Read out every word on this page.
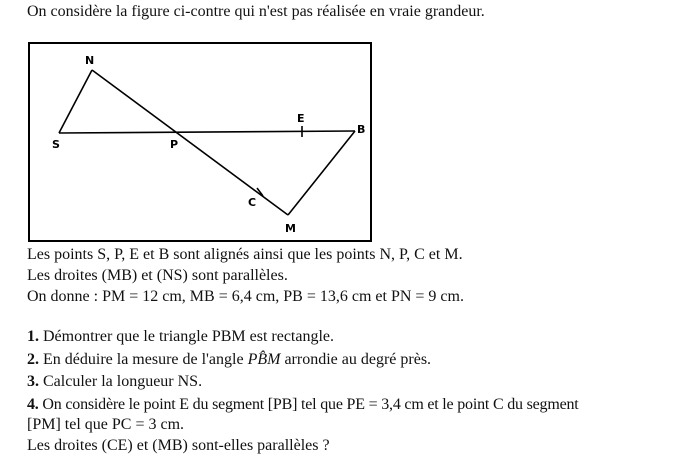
On considère la figure ci-contre qui n'est pas réalisée en vraie grandeur.
N
S	P
E
B
C
M
Les points S, P, E et B sont alignés ainsi que les points N, P, C et M.
Les droites (MB) et (NS) sont parallèles.
On donne : PM = 12 cm, MB = 6,4 cm, PB = 13,6 cm et PN = 9 cm.
1. Démontrer que le triangle PBM est rectangle.
2. En déduire la mesure de l'angle PB̂M arrondie au degré près.
3. Calculer la longueur NS.
4. On considère le point E du segment [PB] tel que PE = 3,4 cm et le point C du segment
[PM] tel que PC = 3 cm.
Les droites (CE) et (MB) sont-elles parallèles ?
